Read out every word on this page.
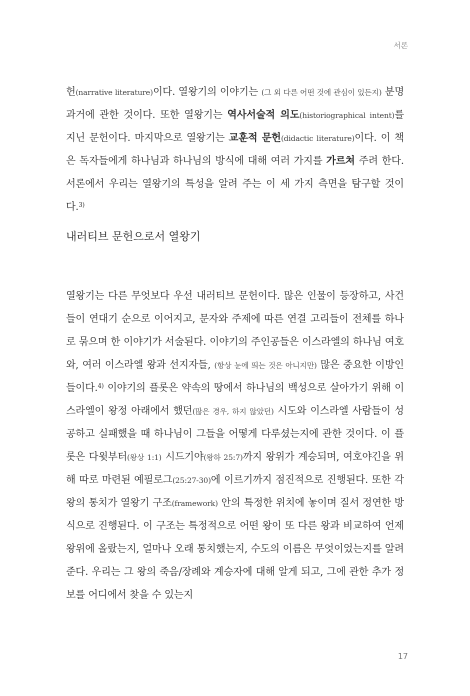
서론

헌(narrative literature)이다. 열왕기의 이야기는 (그 외 다른 어떤 것에 관심이 있든지) 분명 과거에 관한 것이다. 또한 열왕기는 역사서술적 의도(historiographical intent)를 지닌 문헌이다. 마지막으로 열왕기는 교훈적 문헌(didactic literature)이다. 이 책은 독자들에게 하나님과 하나님의 방식에 대해 여러 가지를 가르쳐 주려 한다. 서론에서 우리는 열왕기의 특성을 알려 주는 이 세 가지 측면을 탐구할 것이다.$^{3)}$

내러티브 문헌으로서 열왕기

열왕기는 다른 무엇보다 우선 내러티브 문헌이다. 많은 인물이 등장하고, 사건들이 연대기 순으로 이어지고, 문자와 주제에 따른 연결 고리들이 전체를 하나로 묶으며 한 이야기가 서술된다. 이야기의 주인공들은 이스라엘의 하나님 여호와, 여러 이스라엘 왕과 선지자들, (항상 눈에 띄는 것은 아니지만) 많은 중요한 이방인들이다.$^{4)}$ 이야기의 플롯은 약속의 땅에서 하나님의 백성으로 살아가기 위해 이스라엘이 왕정 아래에서 했던(많은 경우, 하지 않았던) 시도와 이스라엘 사람들이 성공하고 실패했을 때 하나님이 그들을 어떻게 다루셨는지에 관한 것이다. 이 플롯은 다윗부터(왕상 1:1) 시드기야(왕하 25:7)까지 왕위가 계승되며, 여호야긴을 위해 따로 마련된 예필로그(25:27-30)에 이르기까지 점진적으로 진행된다. 또한 각 왕의 통치가 열왕기 구조(framework) 안의 특정한 위치에 놓이며 질서 정연한 방식으로 진행된다. 이 구조는 특정적으로 어떤 왕이 또 다른 왕과 비교하여 언제 왕위에 올랐는지, 얼마나 오래 통치했는지, 수도의 이름은 무엇이었는지를 알려 준다. 우리는 그 왕의 죽음/장례와 계승자에 대해 알게 되고, 그에 관한 추가 정보를 어디에서 찾을 수 있는지

17
